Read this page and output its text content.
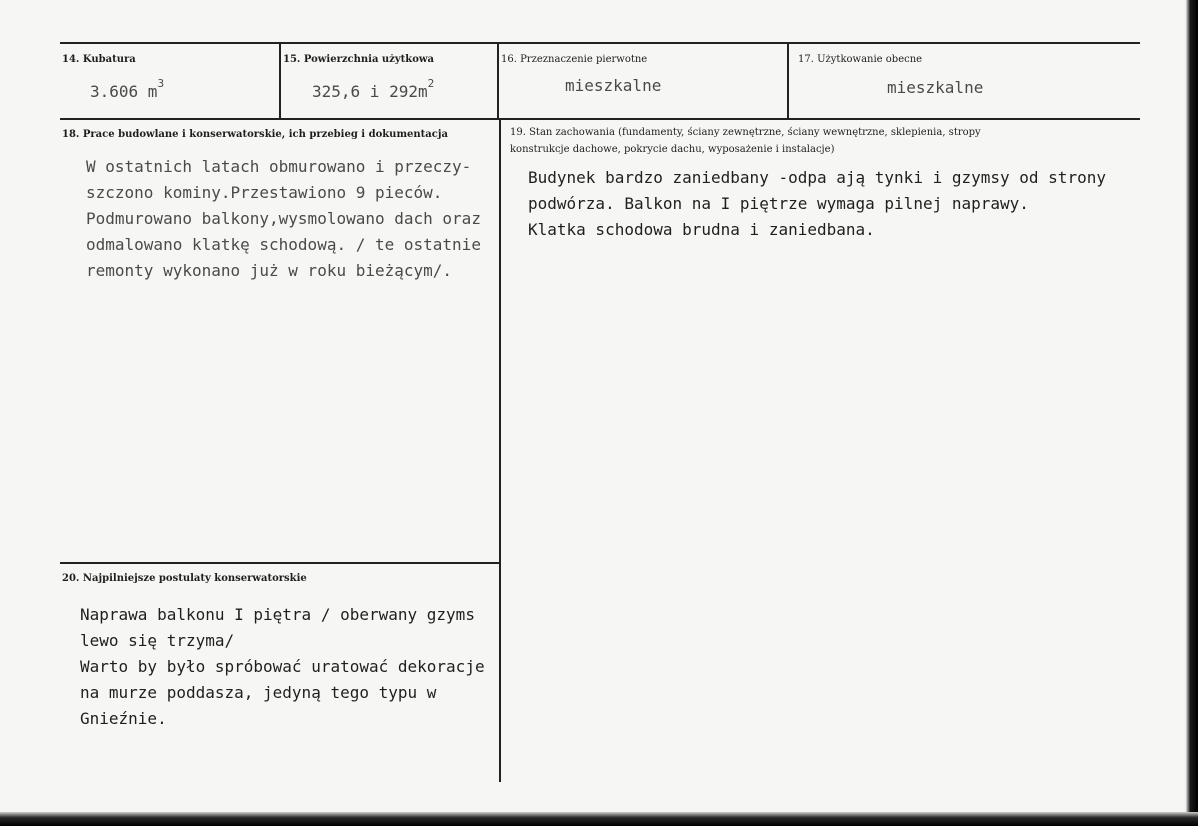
14. Kubatura
3.606 $m^3$
15. Powierzchnia użytkowa
325,6 i $292m^2$
16. Przeznaczenie pierwotne
mieszkalne
17. Użytkowanie obecne
mieszkalne
18. Prace budowlane i konserwatorskie, ich przebieg i dokumentacja
W ostatnich latach obmurowano i przeczy-
szczono kominy.Przestawiono 9 pieców.
Podmurowano balkony,wysmolowano dach oraz
odmalowano klatkę schodową. / te ostatnie
remonty wykonano już w roku bieżącym/.
19. Stan zachowania (fundamenty, ściany zewnętrzne, ściany wewnętrzne, sklepienia, stropy
konstrukcje dachowe, pokrycie dachu, wyposażenie i instalacje)
Budynek bardzo zaniedbany -odpa ają tynki i gzymsy od strony
podwórza. Balkon na I piętrze wymaga pilnej naprawy.
Klatka schodowa brudna i zaniedbana.
20. Najpilniejsze postulaty konserwatorskie
Naprawa balkonu I piętra / oberwany gzyms
lewo się trzyma/
Warto by było spróbować uratować dekoracje
na murze poddasza, jedyną tego typu w
Gnieźnie.
